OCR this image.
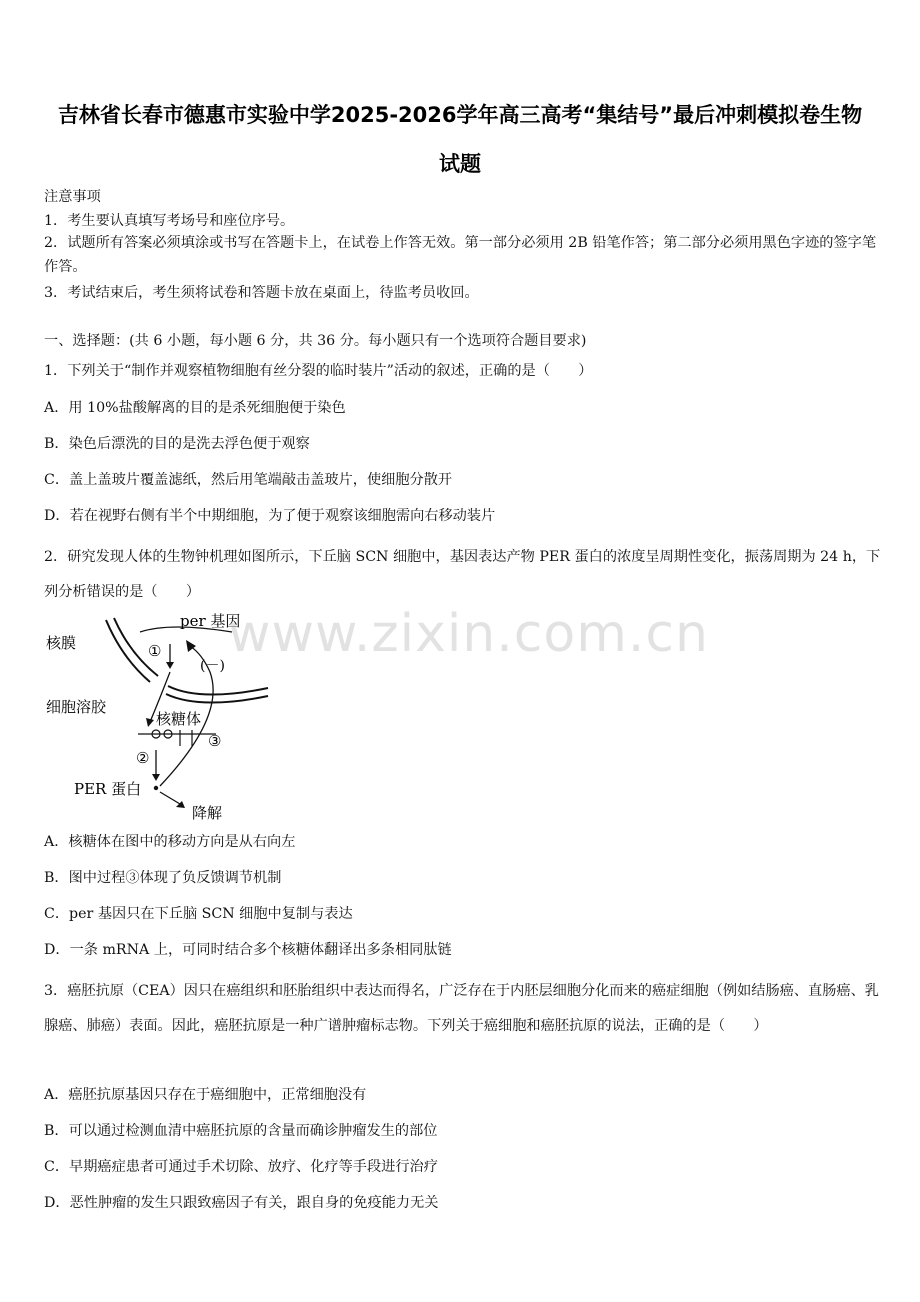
吉林省长春市德惠市实验中学2025-2026学年高三高考“集结号”最后冲刺模拟卷生物
试题
注意事项
1．考生要认真填写考场号和座位序号。
2．试题所有答案必须填涂或书写在答题卡上，在试卷上作答无效。第一部分必须用 2B 铅笔作答；第二部分必须用黑色字迹的签字笔作答。
3．考试结束后，考生须将试卷和答题卡放在桌面上，待监考员收回。
一、选择题：(共 6 小题，每小题 6 分，共 36 分。每小题只有一个选项符合题目要求)
1．下列关于“制作并观察植物细胞有丝分裂的临时装片”活动的叙述，正确的是（　　）
A．用 10%盐酸解离的目的是杀死细胞便于染色
B．染色后漂洗的目的是洗去浮色便于观察
C．盖上盖玻片覆盖滤纸，然后用笔端敲击盖玻片，使细胞分散开
D．若在视野右侧有半个中期细胞，为了便于观察该细胞需向右移动装片
2．研究发现人体的生物钟机理如图所示，下丘脑 SCN 细胞中，基因表达产物 PER 蛋白的浓度呈周期性变化，振荡周期为 24 h，下列分析错误的是（　　）
per 基因
核膜
细胞溶胶
①
(－)
核糖体
②
③
PER 蛋白
降解
www.zixin.com.cn
A．核糖体在图中的移动方向是从右向左
B．图中过程③体现了负反馈调节机制
C．per 基因只在下丘脑 SCN 细胞中复制与表达
D．一条 mRNA 上，可同时结合多个核糖体翻译出多条相同肽链
3．癌胚抗原（CEA）因只在癌组织和胚胎组织中表达而得名，广泛存在于内胚层细胞分化而来的癌症细胞（例如结肠癌、直肠癌、乳腺癌、肺癌）表面。因此，癌胚抗原是一种广谱肿瘤标志物。下列关于癌细胞和癌胚抗原的说法，正确的是（　　）
A．癌胚抗原基因只存在于癌细胞中，正常细胞没有
B．可以通过检测血清中癌胚抗原的含量而确诊肿瘤发生的部位
C．早期癌症患者可通过手术切除、放疗、化疗等手段进行治疗
D．恶性肿瘤的发生只跟致癌因子有关，跟自身的免疫能力无关
